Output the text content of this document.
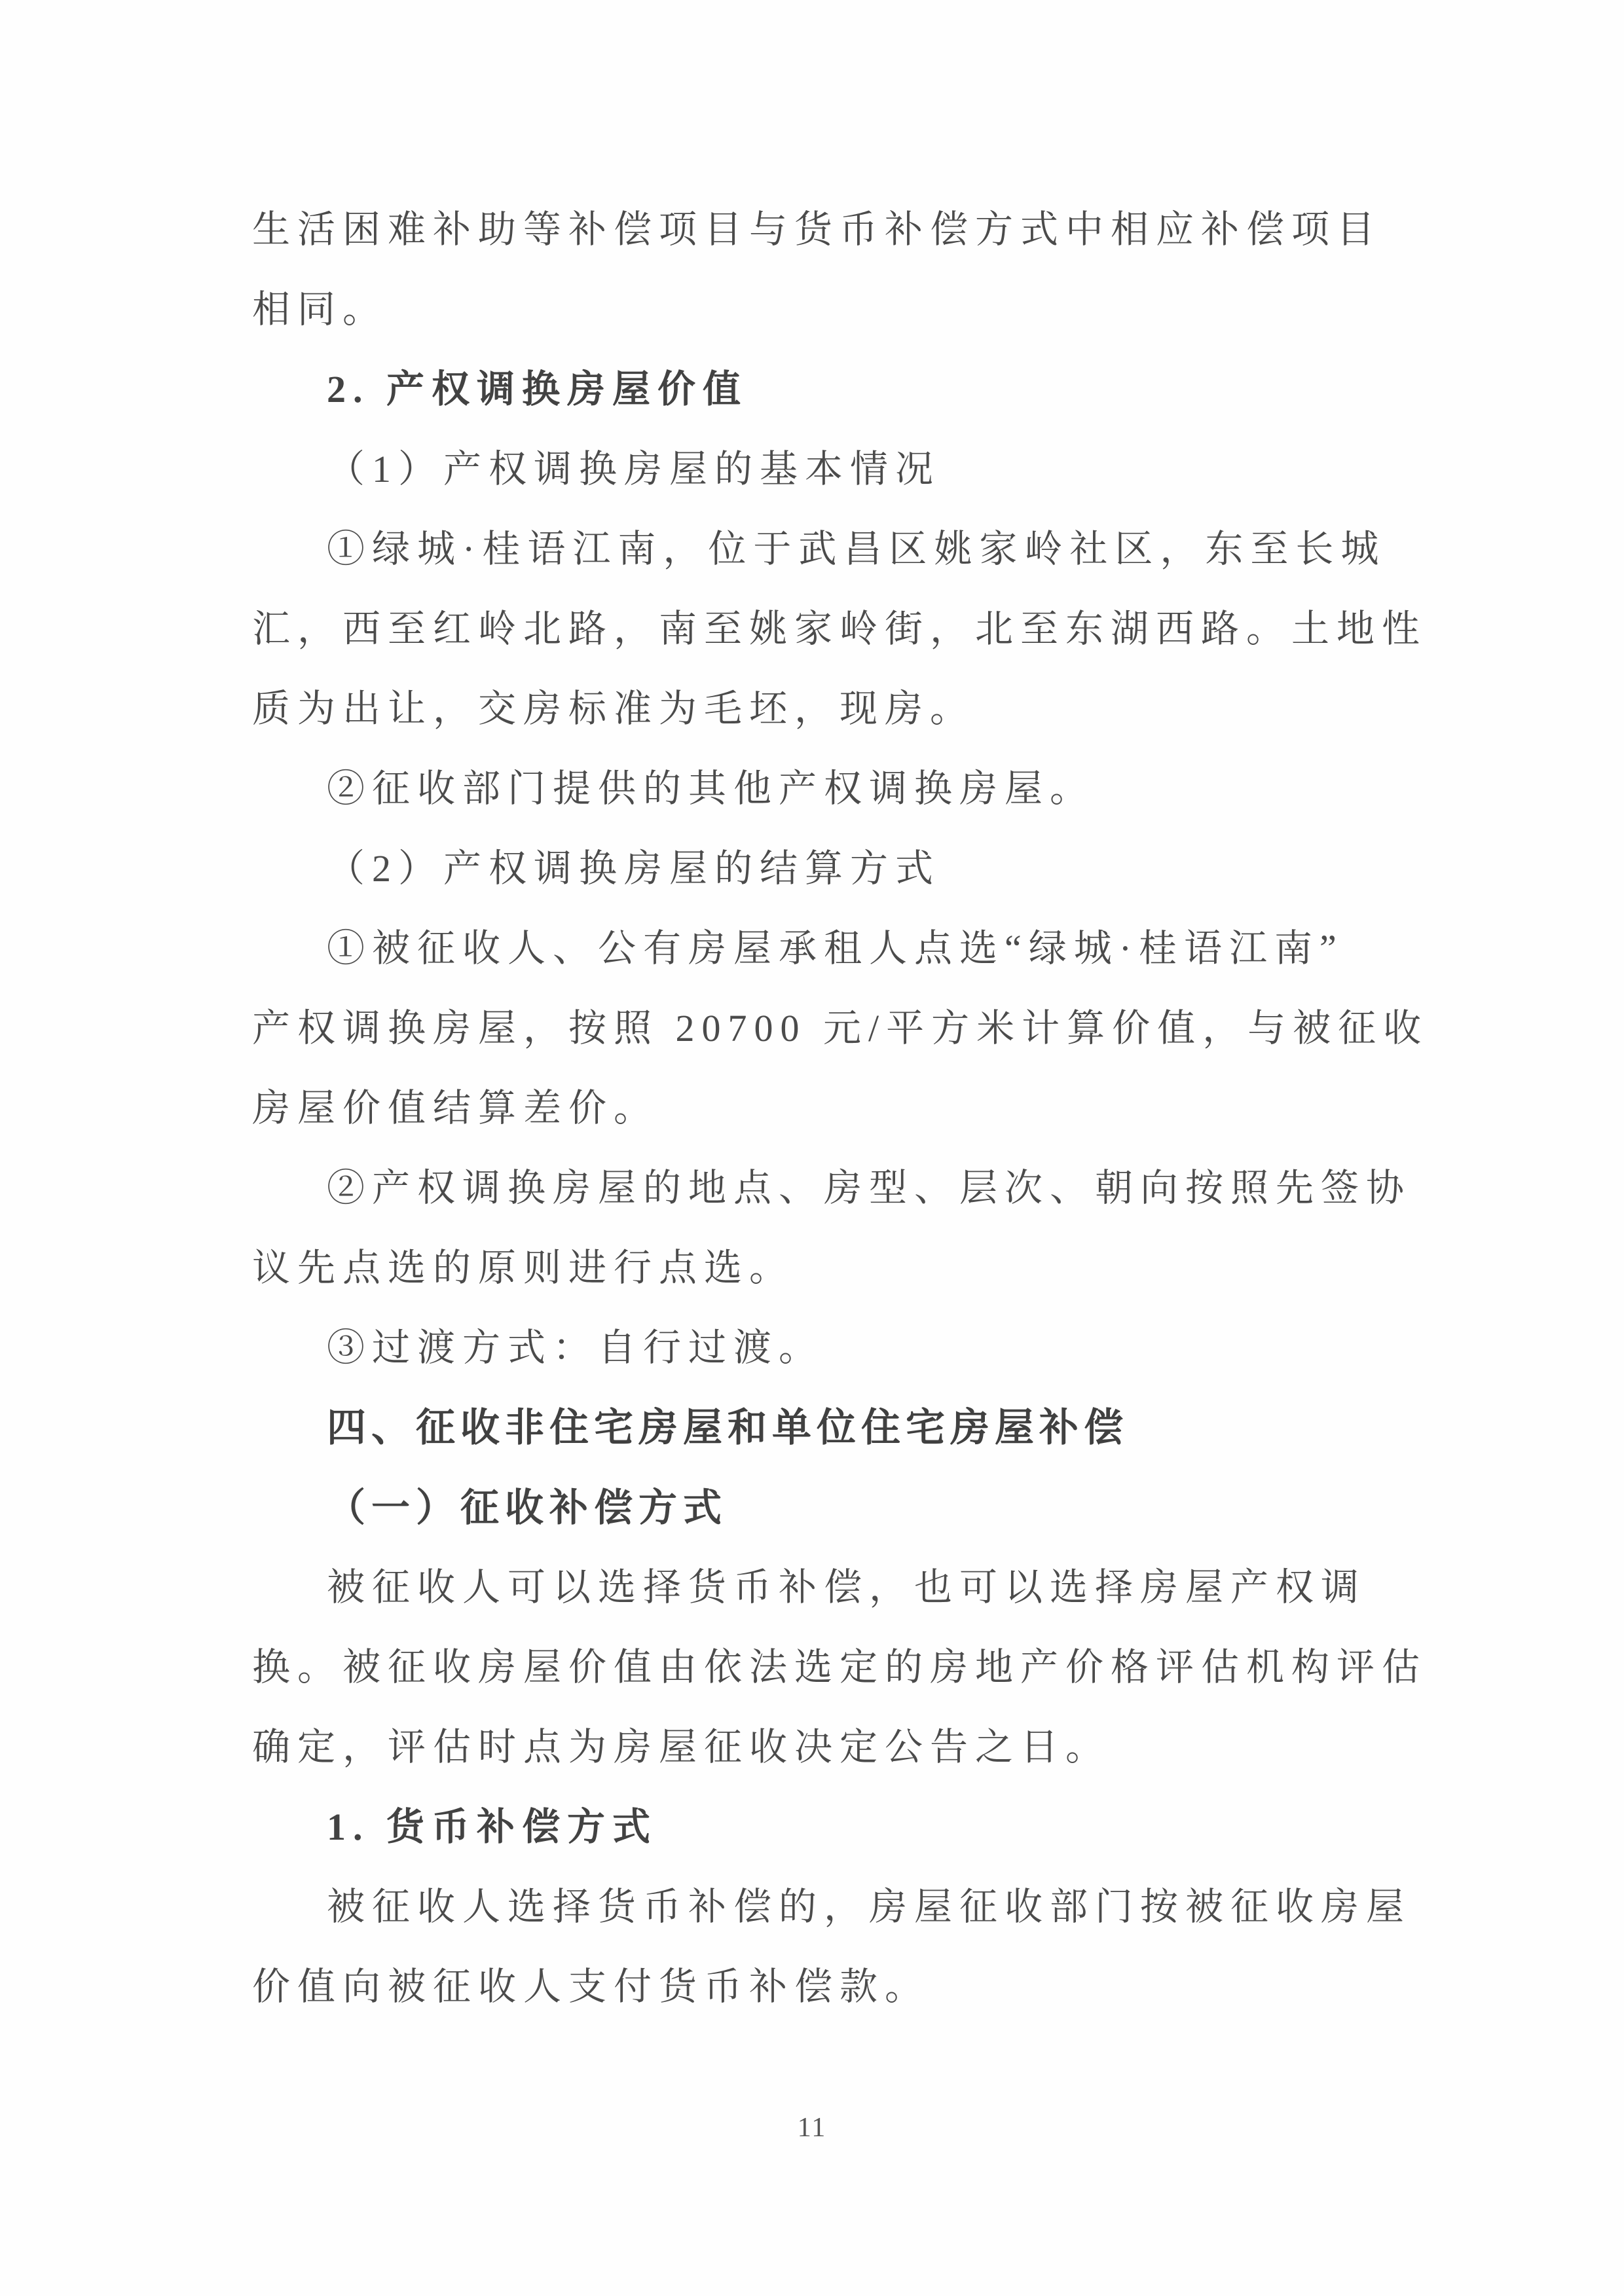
生活困难补助等补偿项目与货币补偿方式中相应补偿项目
相同。
2. 产权调换房屋价值
（1）产权调换房屋的基本情况
①绿城·桂语江南，位于武昌区姚家岭社区，东至长城
汇，西至红岭北路，南至姚家岭街，北至东湖西路。土地性
质为出让，交房标准为毛坯，现房。
②征收部门提供的其他产权调换房屋。
（2）产权调换房屋的结算方式
①被征收人、公有房屋承租人点选“绿城·桂语江南”
产权调换房屋，按照 20700 元/平方米计算价值，与被征收
房屋价值结算差价。
②产权调换房屋的地点、房型、层次、朝向按照先签协
议先点选的原则进行点选。
③过渡方式：自行过渡。
四、征收非住宅房屋和单位住宅房屋补偿
（一）征收补偿方式
被征收人可以选择货币补偿，也可以选择房屋产权调
换。被征收房屋价值由依法选定的房地产价格评估机构评估
确定，评估时点为房屋征收决定公告之日。
1. 货币补偿方式
被征收人选择货币补偿的，房屋征收部门按被征收房屋
价值向被征收人支付货币补偿款。
11
